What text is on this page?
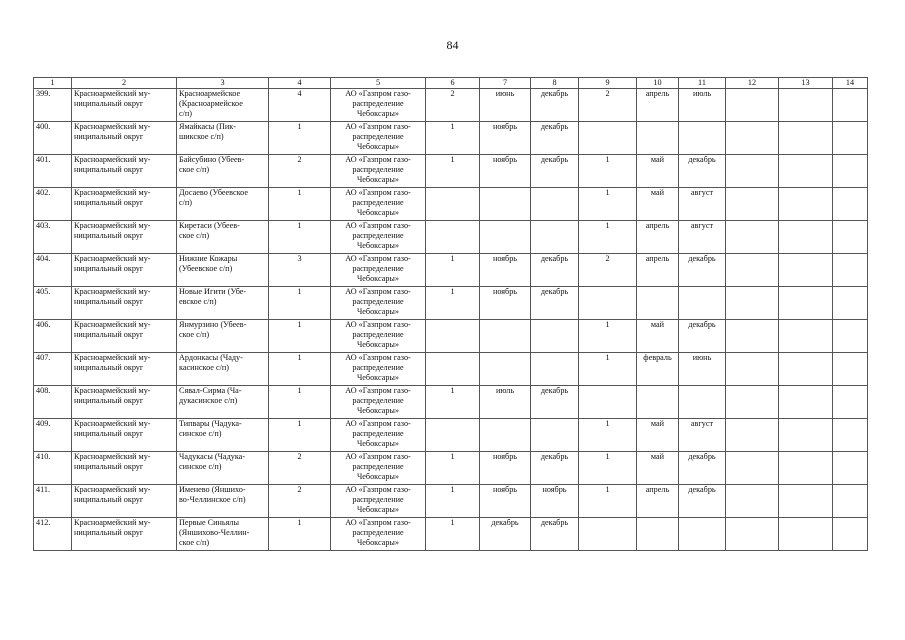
84
1	2	3	4	5	6	7	8	9	10	11	12	13	14
399.	Красноармейский му-
ниципальный округ	Красноармейское
(Красноармейское
с/п)	4	АО «Газпром газо-
распределение
Чебоксары»	2	июнь	декабрь	2	апрель	июль			
400.	Красноармейский му-
ниципальный округ	Ямайкасы (Пик-
шикское с/п)	1	АО «Газпром газо-
распределение
Чебоксары»	1	ноябрь	декабрь						
401.	Красноармейский му-
ниципальный округ	Байсубино (Убеев-
ское с/п)	2	АО «Газпром газо-
распределение
Чебоксары»	1	ноябрь	декабрь	1	май	декабрь			
402.	Красноармейский му-
ниципальный округ	Досаево (Убеевское
с/п)	1	АО «Газпром газо-
распределение
Чебоксары»				1	май	август			
403.	Красноармейский му-
ниципальный округ	Киретаси (Убеев-
ское с/п)	1	АО «Газпром газо-
распределение
Чебоксары»				1	апрель	август			
404.	Красноармейский му-
ниципальный округ	Нижние Кожары
(Убеевское с/п)	3	АО «Газпром газо-
распределение
Чебоксары»	1	ноябрь	декабрь	2	апрель	декабрь			
405.	Красноармейский му-
ниципальный округ	Новые Игити (Убе-
евское с/п)	1	АО «Газпром газо-
распределение
Чебоксары»	1	ноябрь	декабрь						
406.	Красноармейский му-
ниципальный округ	Янмурзино (Убеев-
ское с/п)	1	АО «Газпром газо-
распределение
Чебоксары»				1	май	декабрь			
407.	Красноармейский му-
ниципальный округ	Ардонкасы (Чаду-
касинское с/п)	1	АО «Газпром газо-
распределение
Чебоксары»				1	февраль	июнь			
408.	Красноармейский му-
ниципальный округ	Сявал-Сирма (Ча-
дукасинское с/п)	1	АО «Газпром газо-
распределение
Чебоксары»	1	июль	декабрь						
409.	Красноармейский му-
ниципальный округ	Типвары (Чадука-
синское с/п)	1	АО «Газпром газо-
распределение
Чебоксары»				1	май	август			
410.	Красноармейский му-
ниципальный округ	Чадукасы (Чадука-
синское с/п)	2	АО «Газпром газо-
распределение
Чебоксары»	1	ноябрь	декабрь	1	май	декабрь			
411.	Красноармейский му-
ниципальный округ	Именево (Яншихо-
во-Челлинское с/п)	2	АО «Газпром газо-
распределение
Чебоксары»	1	ноябрь	ноябрь	1	апрель	декабрь			
412.	Красноармейский му-
ниципальный округ	Первые Синьялы
(Яншихово-Челлин-
ское с/п)	1	АО «Газпром газо-
распределение
Чебоксары»	1	декабрь	декабрь						
